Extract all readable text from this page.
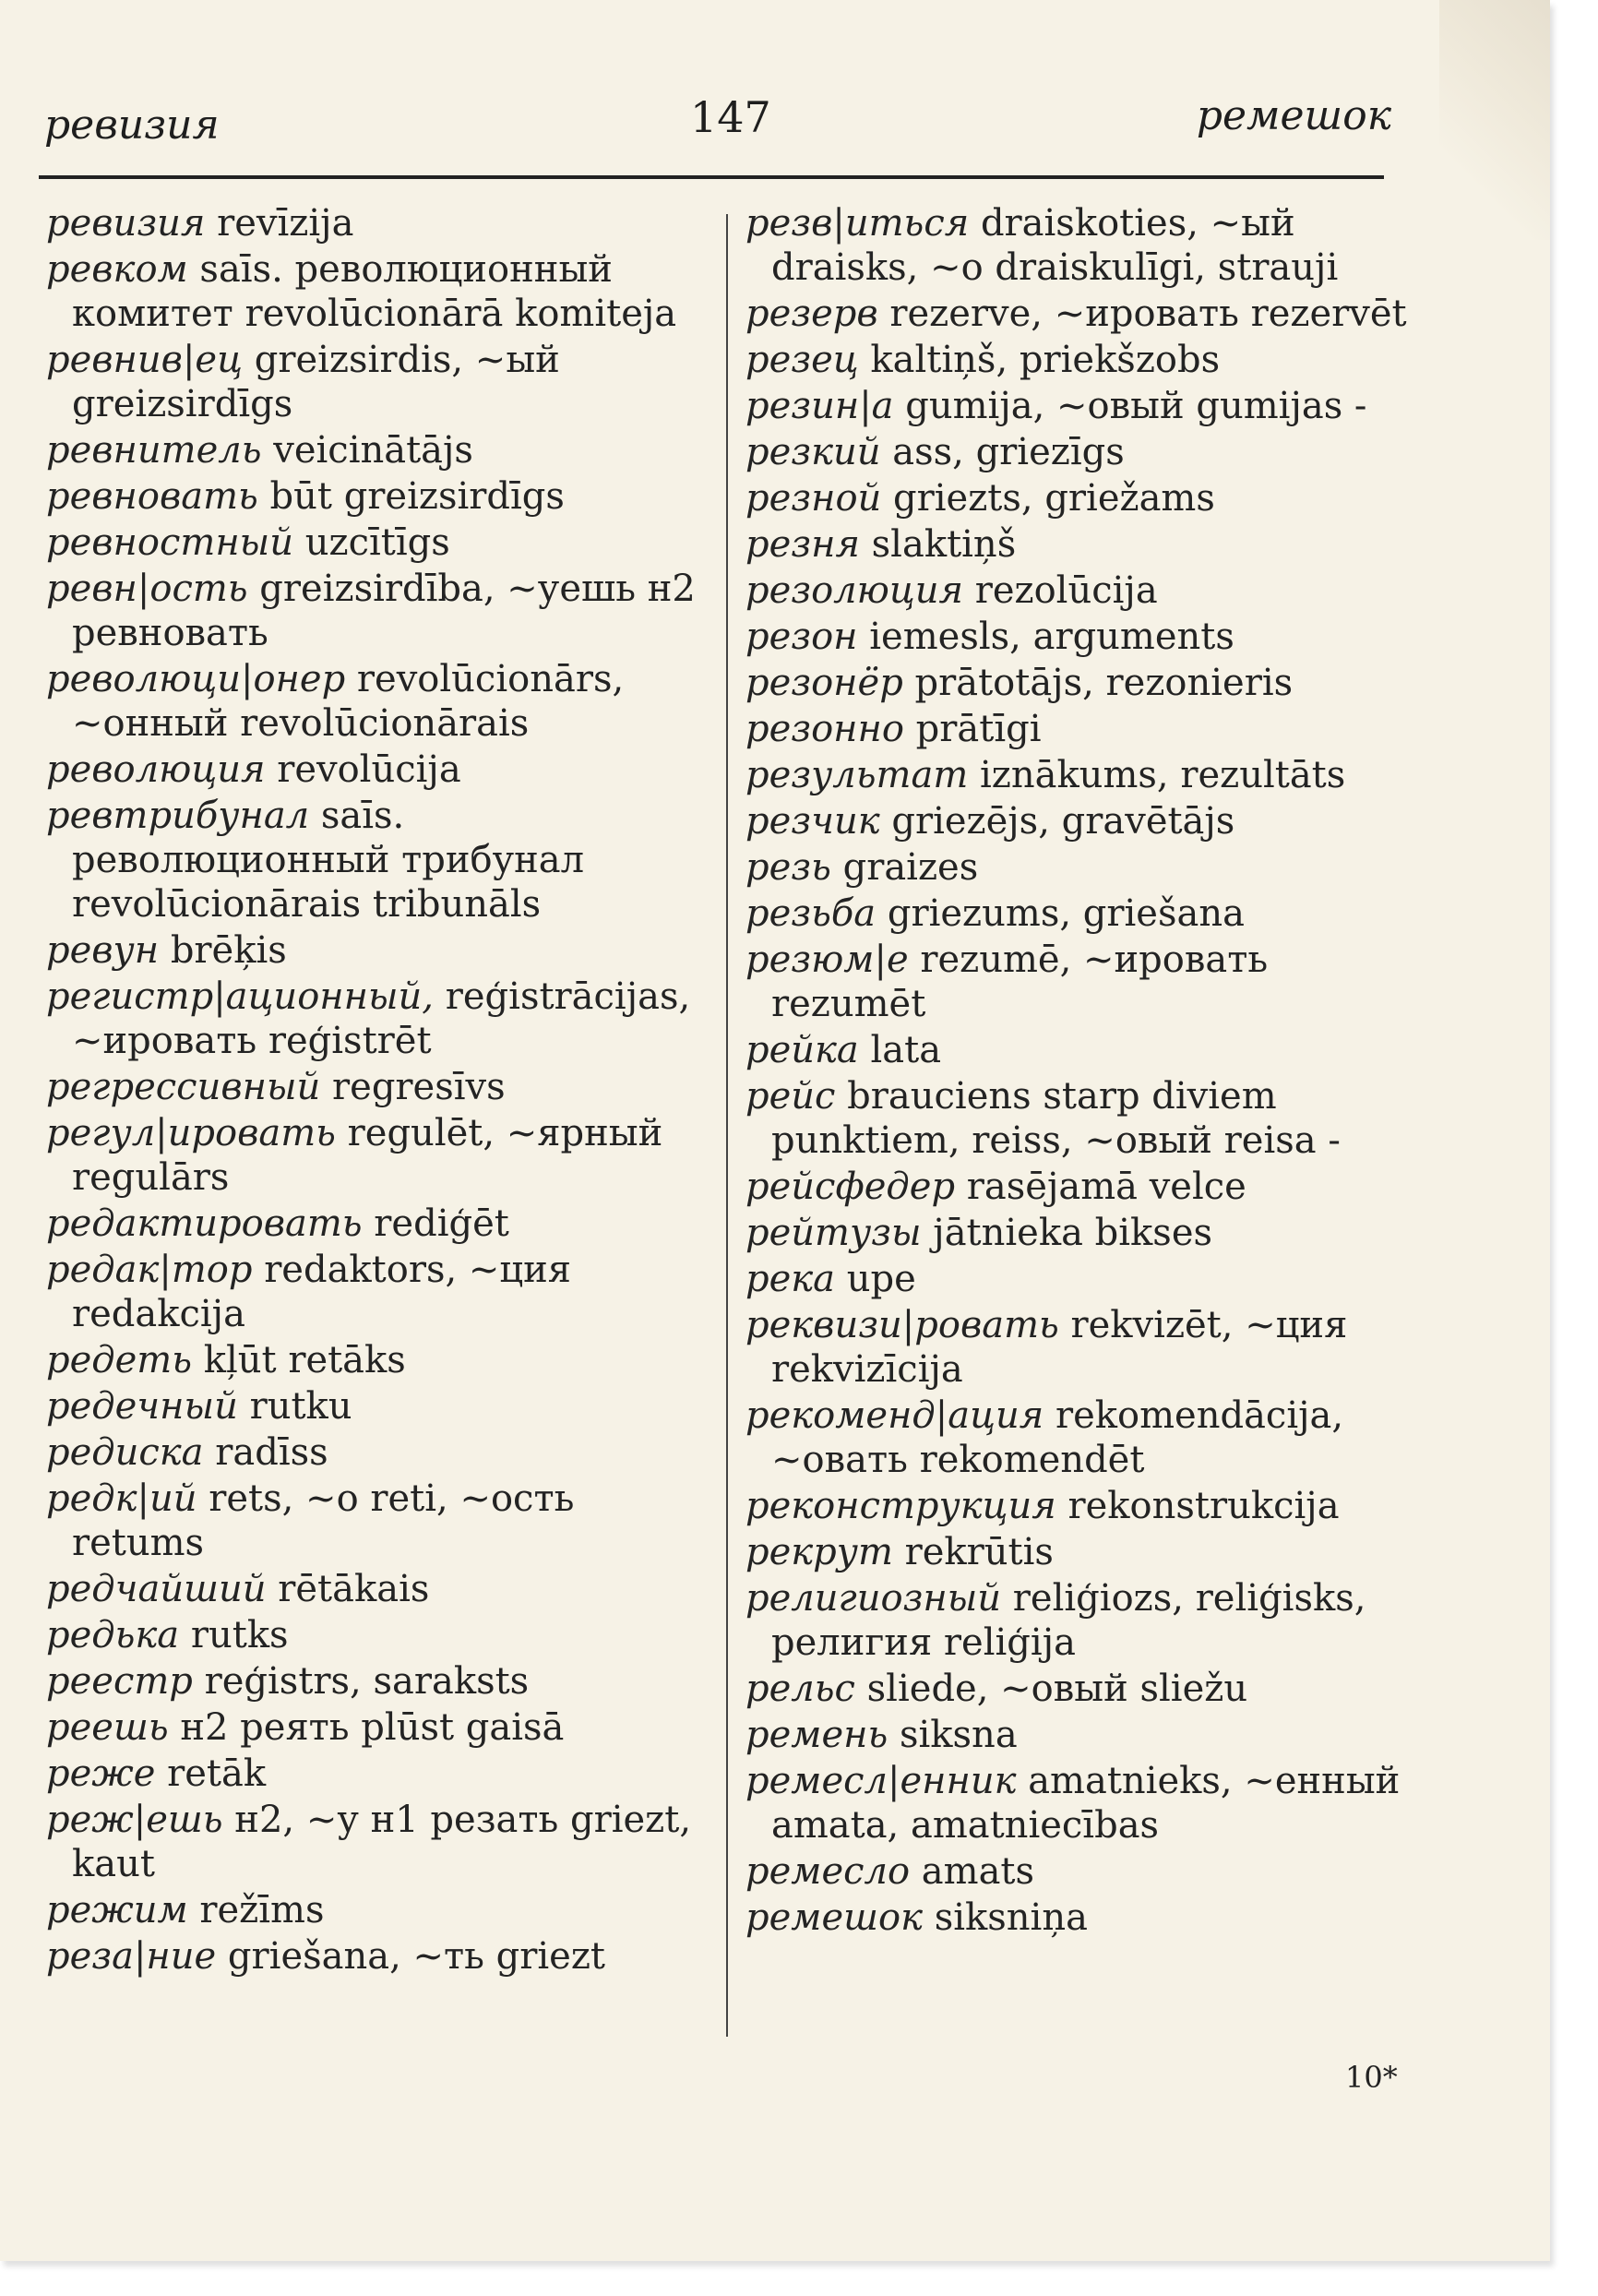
ревизия	147	ремешок
ревизия revīzija
ревком saīs. революционный комитет revolūcionārā komiteja
ревнив|ец greizsirdis, ~ый greizsirdīgs
ревнитель veicinātājs
ревновать būt greizsirdīgs
ревностный uzcītīgs
ревн|ость greizsirdība, ~уешь н2 ревновать
революци|онер revolūcionārs, ~онный revolūcionārais
революция revolūcija
ревтрибунал saīs. революционный трибунал revolūcionārais tribunāls
ревун brēķis
регистр|ационный, reģistrācijas, ~ировать reģistrēt
регрессивный regresīvs
регул|ировать regulēt, ~ярный regulārs
редактировать rediģēt
редак|тор redaktors, ~ция redakcija
редеть kļūt retāks
редечный rutku
редиска radīss
редк|ий rets, ~о reti, ~ость retums
редчайший rētākais
редька rutks
реестр reģistrs, saraksts
реешь н2 реять plūst gaisā
реже retāk
реж|ешь н2, ~у н1 резать griezt, kaut
режим režīms
реза|ние griešana, ~ть griezt
резв|иться draiskoties, ~ый draisks, ~о draiskulīgi, strauji
резерв rezerve, ~ировать rezervēt
резец kaltiņš, priekšzobs
резин|а gumija, ~овый gumijas -
резкий ass, griezīgs
резной griezts, griežams
резня slaktiņš
резолюция rezolūcija
резон iemesls, arguments
резонёр prātotājs, rezonieris
резонно prātīgi
результат iznākums, rezultāts
резчик griezējs, gravētājs
резь graizes
резьба griezums, griešana
резюм|е rezumē, ~ировать rezumēt
рейка lata
рейс brauciens starp diviem punktiem, reiss, ~овый reisa -
рейсфедер rasējamā velce
рейтузы jātnieka bikses
река upe
реквизи|ровать rekvizēt, ~ция rekvizīcija
рекоменд|ация rekomendācija, ~овать rekomendēt
реконструкция rekonstrukcija
рекрут rekrūtis
религиозный reliģiozs, reliģisks, религия reliģija
рельс sliede, ~овый sliežu
ремень siksna
ремесл|енник amatnieks, ~енный amata, amatniecības
ремесло amats
ремешок siksniņa
10*
